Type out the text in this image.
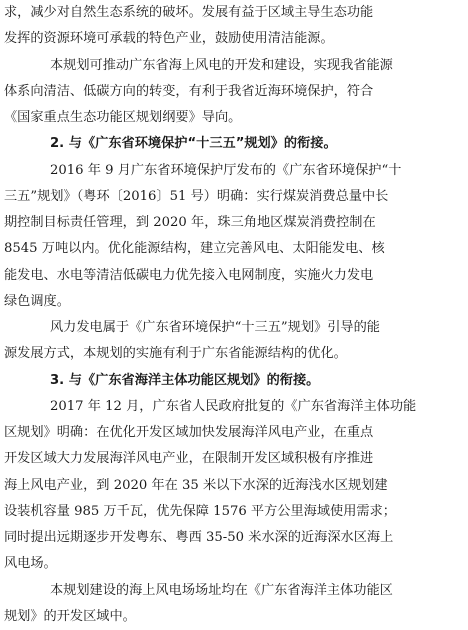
求，减少对自然生态系统的破坏。发展有益于区域主导生态功能
发挥的资源环境可承载的特色产业，鼓励使用清洁能源。
本规划可推动广东省海上风电的开发和建设，实现我省能源
体系向清洁、低碳方向的转变，有利于我省近海环境保护，符合
《国家重点生态功能区规划纲要》导向。
2. 与《广东省环境保护“十三五”规划》的衔接。
2016 年 9 月广东省环境保护厅发布的《广东省环境保护“十
三五”规划》（粤环〔2016〕51 号）明确：实行煤炭消费总量中长
期控制目标责任管理，到 2020 年，珠三角地区煤炭消费控制在
8545 万吨以内。优化能源结构，建立完善风电、太阳能发电、核
能发电、水电等清洁低碳电力优先接入电网制度，实施火力发电
绿色调度。
风力发电属于《广东省环境保护“十三五”规划》引导的能
源发展方式，本规划的实施有利于广东省能源结构的优化。
3. 与《广东省海洋主体功能区规划》的衔接。
2017 年 12 月，广东省人民政府批复的《广东省海洋主体功能
区规划》明确：在优化开发区域加快发展海洋风电产业，在重点
开发区域大力发展海洋风电产业，在限制开发区域积极有序推进
海上风电产业，到 2020 年在 35 米以下水深的近海浅水区规划建
设装机容量 985 万千瓦，优先保障 1576 平方公里海域使用需求；
同时提出远期逐步开发粤东、粤西 35-50 米水深的近海深水区海上
风电场。
本规划建设的海上风电场场址均在《广东省海洋主体功能区
规划》的开发区域中。
